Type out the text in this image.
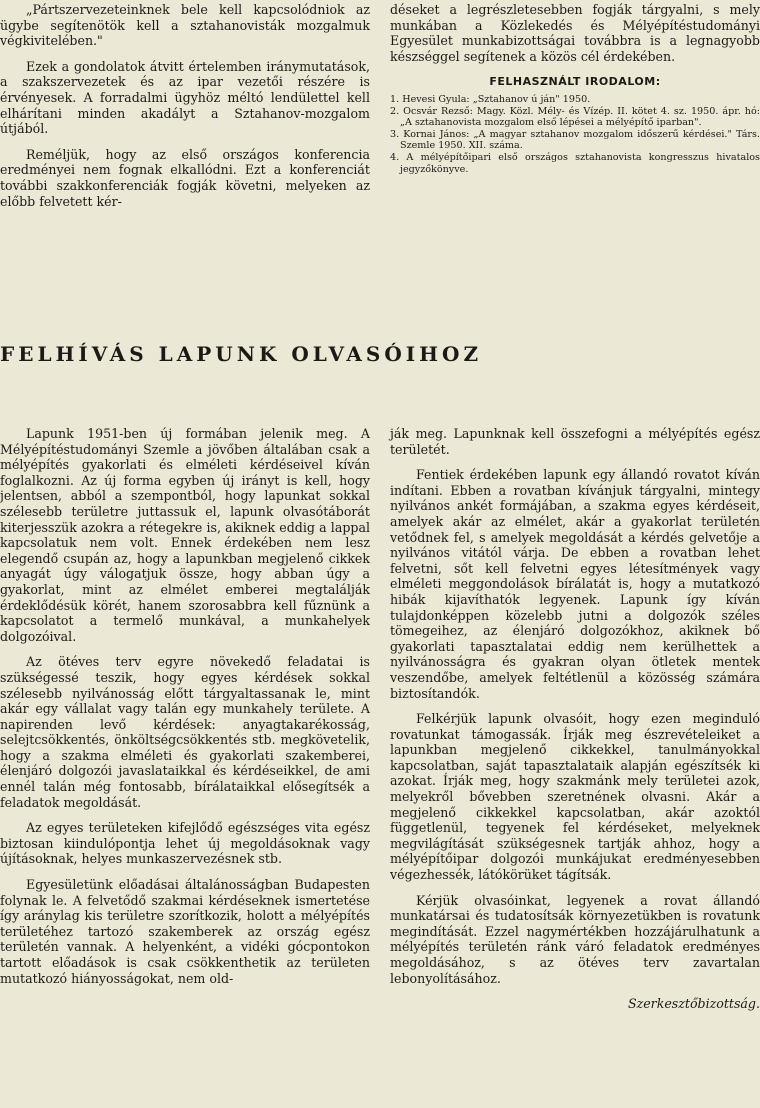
„Pártszervezeteinknek bele kell kapcsolódniok az ügybe segítenötök kell a sztahanovisták mozgalmuk végkivitelében."

Ezek a gondolatok átvitt értelemben iránymutatások, a szakszervezetek és az ipar vezetői részére is érvényesek. A forradalmi ügyhöz méltó lendülettel kell elhárítani minden akadályt a Sztahanov-mozgalom útjából.

Reméljük, hogy az első országos konferencia eredményei nem fognak elkallódni. Ezt a konferenciát további szakkonferenciák fogják követni, melyeken az előbb felvetett kér-

déseket a legrészletesebben fogják tárgyalni, s mely munkában a Közlekedés és Mélyépítéstudományi Egyesület munkabizottságai továbbra is a legnagyobb készséggel segítenek a közös cél érdekében.

FELHASZNÁLT IRODALOM:
1. Hevesi Gyula: „Sztahanov ú ján" 1950.
2. Ocsvár Rezső: Magy. Közl. Mély- és Vízép. II. kötet 4. sz. 1950. ápr. hó: „A sztahanovista mozgalom első lépései a mélyépítő iparban".
3. Kornai János: „A magyar sztahanov mozgalom időszerű kérdései." Társ. Szemle 1950. XII. száma.
4. A mélyépítőipari első országos sztahanovista kongresszus hivatalos jegyzőkönyve.
FELHÍVÁS LAPUNK OLVASÓIHOZ

Lapunk 1951-ben új formában jelenik meg. A Mélyépítéstudományi Szemle a jövőben általában csak a mélyépítés gyakorlati és elméleti kérdéseivel kíván foglalkozni. Az új forma egyben új irányt is kell, hogy jelentsen, abból a szempontból, hogy lapunkat sokkal szélesebb területre juttassuk el, lapunk olvasótáborát kiterjesszük azokra a rétegekre is, akiknek eddig a lappal kapcsolatuk nem volt. Ennek érdekében nem lesz elegendő csupán az, hogy a lapunkban megjelenő cikkek anyagát úgy válogatjuk össze, hogy abban úgy a gyakorlat, mint az elmélet emberei megtalálják érdeklődésük körét, hanem szorosabbra kell fűznünk a kapcsolatot a termelő munkával, a munkahelyek dolgozóival.

Az ötéves terv egyre növekedő feladatai is szükségessé teszik, hogy egyes kérdések sokkal szélesebb nyilvánosság előtt tárgyaltassanak le, mint akár egy vállalat vagy talán egy munkahely területe. A napirenden levő kérdések: anyagtakarékosság, selejtcsökkentés, önköltségcsökkentés stb. megkövetelik, hogy a szakma elméleti és gyakorlati szakemberei, élenjáró dolgozói javaslataikkal és kérdéseikkel, de ami ennél talán még fontosabb, bírálataikkal elősegítsék a feladatok megoldását.

Az egyes területeken kifejlődő egészséges vita egész biztosan kiindulópontja lehet új megoldásoknak vagy újításoknak, helyes munkaszervezésnek stb.

Egyesületünk előadásai általánosságban Budapesten folynak le. A felvetődő szakmai kérdéseknek ismertetése így aránylag kis területre szorítkozik, holott a mélyépítés területéhez tartozó szakemberek az ország egész területén vannak. A helyenként, a vidéki gócpontokon tartott előadások is csak csökkenthetik az területen mutatkozó hiányosságokat, nem old-

ják meg. Lapunknak kell összefogni a mélyépítés egész területét.

Fentiek érdekében lapunk egy állandó rovatot kíván indítani. Ebben a rovatban kívánjuk tárgyalni, mintegy nyilvános ankét formájában, a szakma egyes kérdéseit, amelyek akár az elmélet, akár a gyakorlat területén vetődnek fel, s amelyek megoldását a kérdés gelvetője a nyilvános vitától várja. De ebben a rovatban lehet felvetni, sőt kell felvetni egyes létesítmények vagy elméleti meggondolások bírálatát is, hogy a mutatkozó hibák kijavíthatók legyenek. Lapunk így kíván tulajdonképpen közelebb jutni a dolgozók széles tömegeihez, az élenjáró dolgozókhoz, akiknek bő gyakorlati tapasztalatai eddig nem kerülhettek a nyilvánosságra és gyakran olyan ötletek mentek veszendőbe, amelyek feltétlenül a közösség számára biztosítandók.

Felkérjük lapunk olvasóit, hogy ezen meginduló rovatunkat támogassák. Írják meg észrevételeiket a lapunkban megjelenő cikkekkel, tanulmányokkal kapcsolatban, saját tapasztalataik alapján egészítsék ki azokat. Írják meg, hogy szakmánk mely területei azok, melyekről bővebben szeretnének olvasni. Akár a megjelenő cikkekkel kapcsolatban, akár azoktól függetlenül, tegyenek fel kérdéseket, melyeknek megvilágítását szükségesnek tartják ahhoz, hogy a mélyépítőipar dolgozói munkájukat eredményesebben végezhessék, látókörüket tágítsák.

Kérjük olvasóinkat, legyenek a rovat állandó munkatársai és tudatosítsák környezetükben is rovatunk megindítását. Ezzel nagymértékben hozzájárulhatunk a mélyépítés területén ránk váró feladatok eredményes megoldásához, s az ötéves terv zavartalan lebonyolításához.

Szerkesztőbizottság.
